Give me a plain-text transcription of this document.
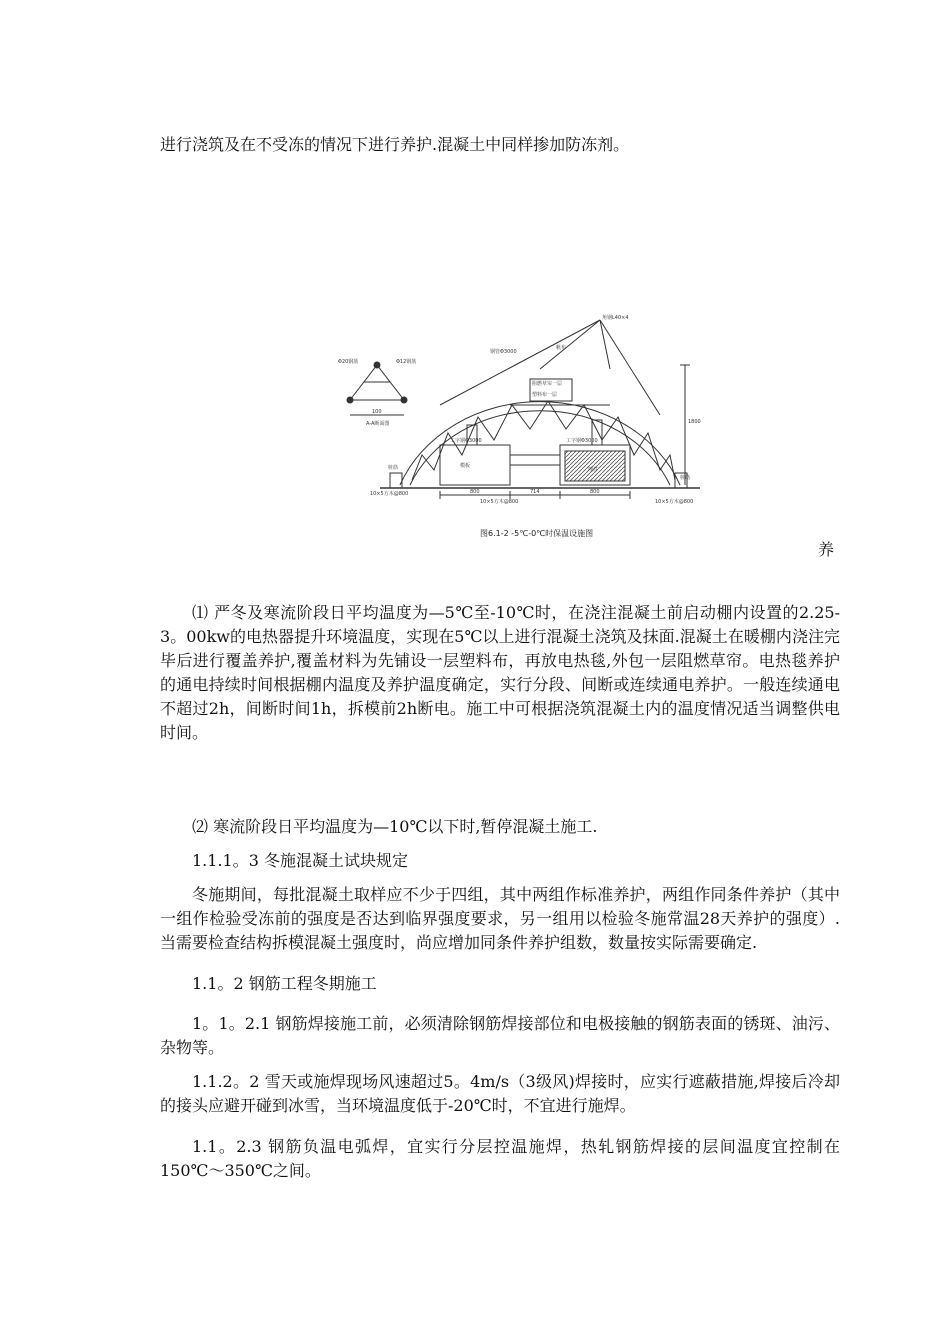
进行浇筑及在不受冻的情况下进行养护.混凝土中同样掺加防冻剂。

角钢L40×4
钢管Φ3000
帆布
阻燃草帘一层
塑料布一层
Φ20钢筋	Φ12钢筋
100
A-A断面图	1800
工字钢Φ3000	工字钢Φ3000
模板
埋件
桩筋
桩筋
800	714	800
10×5方木@800
10×5方木@800	10×5方木@800
图6.1-2 -5℃-0℃时保温设施图
养

⑴ 严冬及寒流阶段日平均温度为—5℃至-10℃时，在浇注混凝土前启动棚内设置的2.25-3。00kw的电热器提升环境温度，实现在5℃以上进行混凝土浇筑及抹面.混凝土在暖棚内浇注完毕后进行覆盖养护,覆盖材料为先铺设一层塑料布，再放电热毯,外包一层阻燃草帘。电热毯养护的通电持续时间根据棚内温度及养护温度确定，实行分段、间断或连续通电养护。一般连续通电不超过2h，间断时间1h，拆模前2h断电。施工中可根据浇筑混凝土内的温度情况适当调整供电时间。

⑵ 寒流阶段日平均温度为—10℃以下时,暂停混凝土施工.

1.1.1。3 冬施混凝土试块规定

冬施期间，每批混凝土取样应不少于四组，其中两组作标准养护，两组作同条件养护（其中一组作检验受冻前的强度是否达到临界强度要求，另一组用以检验冬施常温28天养护的强度）.当需要检查结构拆模混凝土强度时，尚应增加同条件养护组数，数量按实际需要确定.

1.1。2 钢筋工程冬期施工

1。1。2.1 钢筋焊接施工前，必须清除钢筋焊接部位和电极接触的钢筋表面的锈斑、油污、杂物等。

1.1.2。2 雪天或施焊现场风速超过5。4m/s（3级风)焊接时，应实行遮蔽措施,焊接后冷却的接头应避开碰到冰雪，当环境温度低于-20℃时，不宜进行施焊。

1.1。2.3 钢筋负温电弧焊，宜实行分层控温施焊，热轧钢筋焊接的层间温度宜控制在150℃～350℃之间。
